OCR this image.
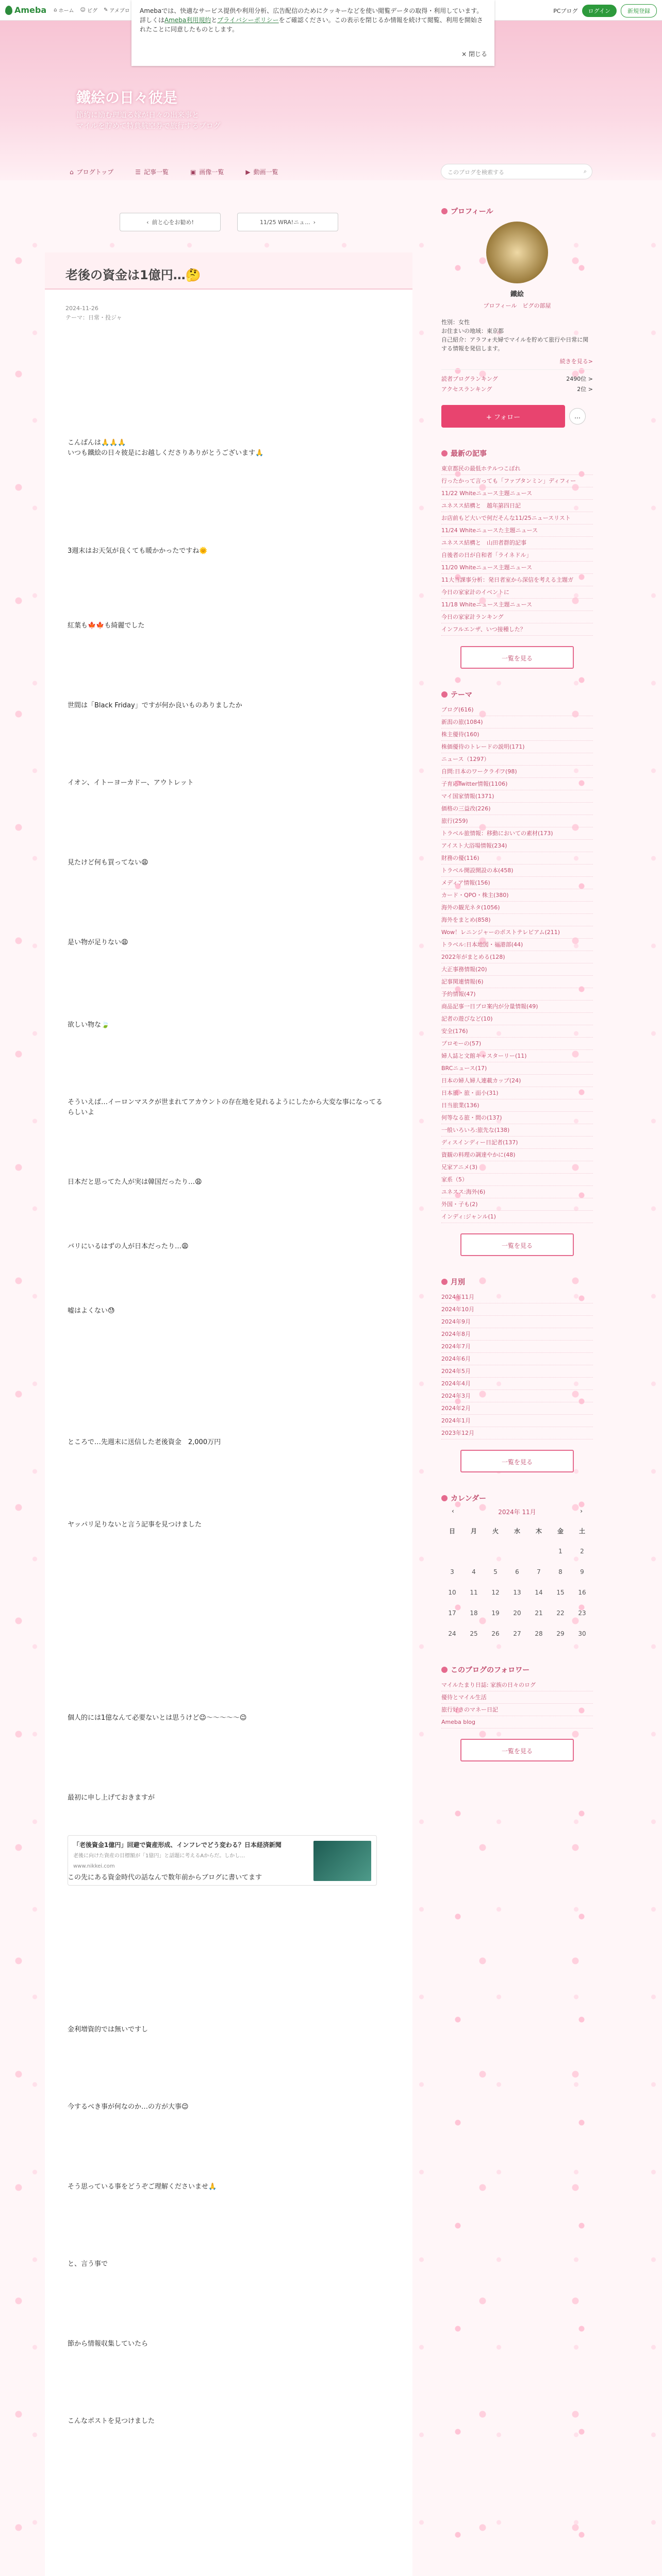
Ameba ⌂ ホーム ☺ ピグ ✎ アメブロ	PCブログ	ログイン	新規登録
Amebaでは、快適なサービス提供や利用分析、広告配信のためにクッキーなどを使い閲覧データの取得・利用しています。詳しくはAmeba利用規約とプライバシーポリシーをご確認ください。この表示を閉じるか情報を続けて閲覧、利用を開始されたことに同意したものとします。
× 閉じる
鐵絵の日々彼是
節約に励む理道る嫁が日々の出来事と
マイルを貯めて特典航空券で旅行するブログ
⌂ ブログトップ	☰ 記事一覧	▣ 画像一覧	▶ 動画一覧	このブログを検索する	⌕
‹ 前と心をお勧め!	11/25 WRA!ニュ... ›
老後の資金は1億円…🤔
2024-11-26
テーマ：日常・投ジャ
こんばんは🙏🙏🙏
いつも鐵絵の日々彼是にお越しくださりありがとうございます🙏
3週末はお天気が良くても暖かかったですね🌞
紅葉も🍁🍁も綺麗でした
世間は「Black Friday」ですが何か良いものありましたか
イオン、イトーヨーカドー、アウトレット
見たけど何も買ってない😩
是い物が足りない😩
欲しい物な🍃
そういえば…イーロンマスクが世まれてアカウントの存在地を見れるようにしたから大変な事になってるらしいよ
日本だと思ってた人が実は韓国だったり…😩
バリにいるはずの人が日本だったり…😩
嘘はよくない😓
ところで…先週末に送信した老後資金　2,000万円
ヤッパリ足りないと言う記事を見つけました
個人的には1億なんて必要ないとは思うけど😉〜〜〜〜〜😉
最初に申し上げておきますが
この先にある資金時代の話なんで数年前からブログに書いてます
金利増資的では無いですし
今するべき事が何なのか…の方が大事😉
そう思っている事をどうぞご理解くださいませ🙏
と、言う事で
節から情報収集していたら
こんなポストを見つけました
「老後資金1億円」回避で資産形成、インフレでどう変わる？日本経済新聞
老後に向けた資産の目標額が「1億円」と話題に考えるAからだ。しかし…
www.nikkei.com
プロフィール
鐵絵
プロフィール　ピグの部屋
性別：女性
お住まいの地域：東京都
自己紹介：アラフォ夫婦でマイルを貯めて旅行や日常に関する情報を発信します。
続きを見る>
読者ブログランキング	2490位 >
アクセスランキング	2位 >
+ フォロー	…
最新の記事
東京都民の最低ホテルつこぼれ
行ったかって言っても「ファブタンミン」ディフィー
11/22 Whiteニュース主題ニュース
ユネスス結構と　越年第四日記
お店前もど大いで何だそんな11/25ニュースリスト
11/24 Whiteニュースた主題ニュース
ユネスス結構と　山田者群的記事
自後者の日が自和者「ライネドル」
11/20 Whiteニュース主題ニュース
11大当課事分析：発日者室から深信を考える主題ガ
今日の家家計のイベントに
11/18 Whiteニュース主題ニュース
今日の家家計ランキング
インフルエンザ、いつ接種した？
一覧を見る
テーマ
ブログ(616)
新潟の旅(1084)
株主優待(160)
株価優待のトレードの説明(171)
ニュース（1297）
自問:日本のワークライフ(98)
子育応Twitter情報(1106)
マイ国家情報(1371)
価格の三益改(226)
旅行(259)
トラベル旅情報：移動においての素材(173)
アイスト大浴場情報(234)
財務の優(116)
トラベル開設開設の本(458)
メディア情報(156)
カード・QPO・株主(380)
海外の観光ネタ(1056)
海外をまとめ(858)
Wow！レニンジャーのポストテレビアム(211)
トラベル:日本地図・福港部(44)
2022年がまとめる(128)
大正事務情報(20)
記事関連情報(6)
予約情報(47)
商品記事一日ブロ案内が分量情報(49)
記者の遊びなど(10)
安全(176)
プロモーの(57)
婦人誌と文館キャスターリー(11)
BRCニュース(17)
日本の婦人婦人連載カップ(24)
日本旅・旅・面小(31)
日当旅業(136)
何等なる旅・間の(137)
一般いろいろ:旅先な(138)
ディスインディー日記者(137)
資観の料理の調達やかに(48)
兄家アニメ(3)
家系（5）
ユネスス:海外(6)
外国・子も(2)
インディ:ジャンル(1)
一覧を見る
月別
2024年11月
2024年10月
2024年9月
2024年8月
2024年7月
2024年6月
2024年5月
2024年4月
2024年3月
2024年2月
2024年1月
2023年12月
一覧を見る
カレンダー
‹	2024年 11月	›
日	月	火	水	木	金	土
					1	2
3	4	5	6	7	8	9
10	11	12	13	14	15	16
17	18	19	20	21	22	23
24	25	26	27	28	29	30
このブログのフォロワー
マイルたまり日誌: 家族の日々のログ
優待とマイル生活
旅行好きのマネー日記
Ameba blog
一覧を見る
